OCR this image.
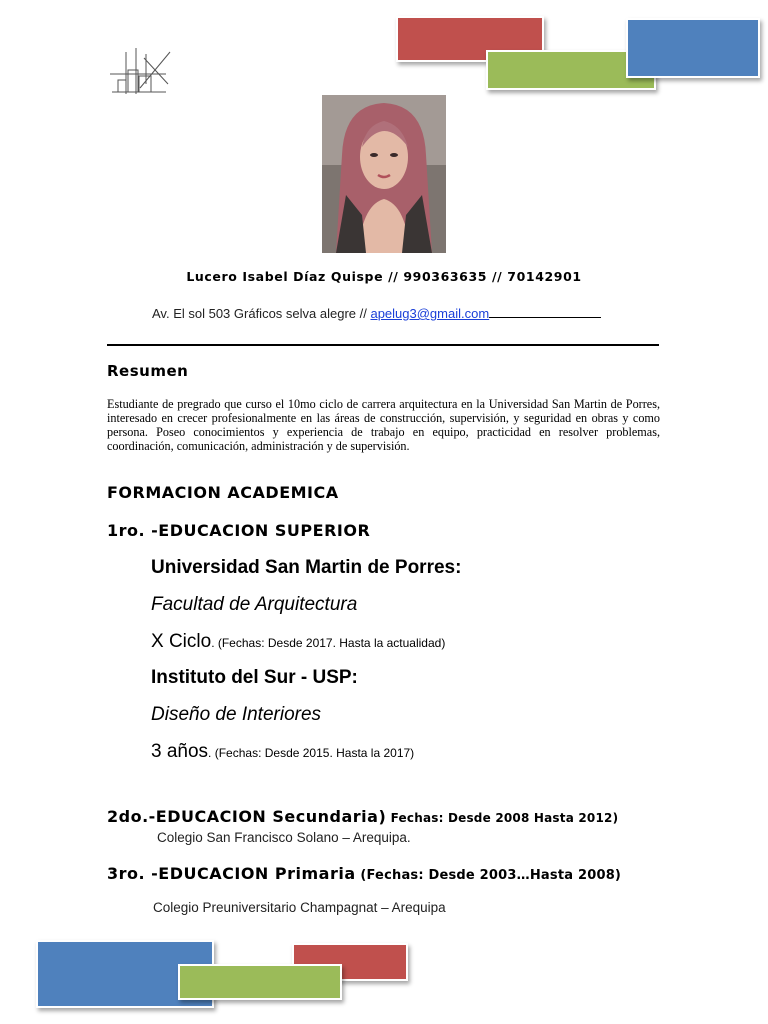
Lucero Isabel Díaz Quispe // 990363635 // 70142901
Av. El sol 503 Gráficos selva alegre // apelug3@gmail.com
Resumen
Estudiante de pregrado que curso el 10mo ciclo de carrera arquitectura en la Universidad San Martin de Porres, interesado en crecer profesionalmente en las áreas de construcción, supervisión, y seguridad en obras y como persona. Poseo conocimientos y experiencia de trabajo en equipo, practicidad en resolver problemas, coordinación, comunicación, administración y de supervisión.
FORMACION ACADEMICA
1ro. -EDUCACION SUPERIOR
Universidad San Martin de Porres:
Facultad de Arquitectura
X Ciclo. (Fechas: Desde 2017. Hasta la actualidad)
Instituto del Sur - USP:
Diseño de Interiores
3 años. (Fechas: Desde 2015. Hasta la 2017)
2do.-EDUCACION Secundaria) Fechas: Desde 2008 Hasta 2012)
Colegio San Francisco Solano – Arequipa.
3ro. -EDUCACION Primaria (Fechas: Desde 2003…Hasta 2008)
Colegio Preuniversitario Champagnat – Arequipa
